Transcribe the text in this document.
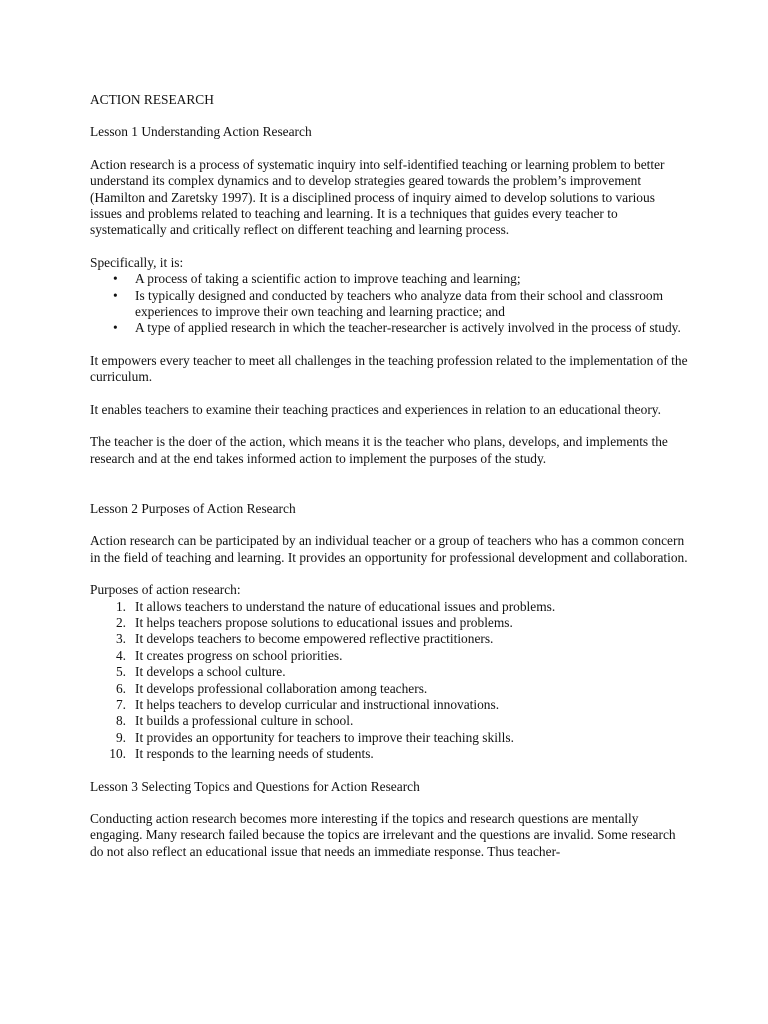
ACTION RESEARCH

Lesson 1 Understanding Action Research

Action research is a process of systematic inquiry into self-identified teaching or learning problem to better understand its complex dynamics and to develop strategies geared towards the problem’s improvement (Hamilton and Zaretsky 1997). It is a disciplined process of inquiry aimed to develop solutions to various issues and problems related to teaching and learning. It is a techniques that guides every teacher to systematically and critically reflect on different teaching and learning process.

Specifically, it is:

• A process of taking a scientific action to improve teaching and learning;
• Is typically designed and conducted by teachers who analyze data from their school and classroom experiences to improve their own teaching and learning practice; and
• A type of applied research in which the teacher-researcher is actively involved in the process of study.

It empowers every teacher to meet all challenges in the teaching profession related to the implementation of the curriculum.

It enables teachers to examine their teaching practices and experiences in relation to an educational theory.

The teacher is the doer of the action, which means it is the teacher who plans, develops, and implements the research and at the end takes informed action to implement the purposes of the study.

Lesson 2 Purposes of Action Research

Action research can be participated by an individual teacher or a group of teachers who has a common concern in the field of teaching and learning. It provides an opportunity for professional development and collaboration.

Purposes of action research:

1. It allows teachers to understand the nature of educational issues and problems.
2. It helps teachers propose solutions to educational issues and problems.
3. It develops teachers to become empowered reflective practitioners.
4. It creates progress on school priorities.
5. It develops a school culture.
6. It develops professional collaboration among teachers.
7. It helps teachers to develop curricular and instructional innovations.
8. It builds a professional culture in school.
9. It provides an opportunity for teachers to improve their teaching skills.
10. It responds to the learning needs of students.

Lesson 3 Selecting Topics and Questions for Action Research

Conducting action research becomes more interesting if the topics and research questions are mentally engaging. Many research failed because the topics are irrelevant and the questions are invalid. Some research do not also reflect an educational issue that needs an immediate response. Thus teacher-
